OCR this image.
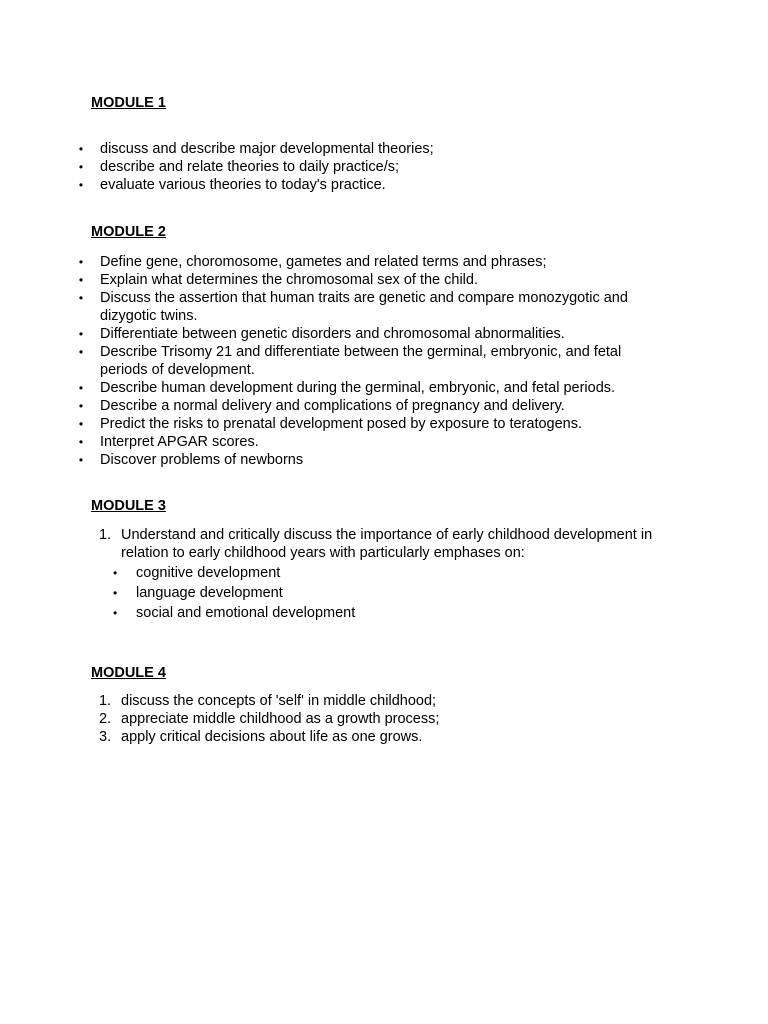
MODULE 1
• discuss and describe major developmental theories;
• describe and relate theories to daily practice/s;
• evaluate various theories to today's practice.
MODULE 2
• Define gene, choromosome, gametes and related terms and phrases;
• Explain what determines the chromosomal sex of the child.
• Discuss the assertion that human traits are genetic and compare monozygotic and dizygotic twins.
• Differentiate between genetic disorders and chromosomal abnormalities.
• Describe Trisomy 21 and differentiate between the germinal, embryonic, and fetal periods of development.
• Describe human development during the germinal, embryonic, and fetal periods.
• Describe a normal delivery and complications of pregnancy and delivery.
• Predict the risks to prenatal development posed by exposure to teratogens.
• Interpret APGAR scores.
• Discover problems of newborns
MODULE 3
1. Understand and critically discuss the importance of early childhood development in relation to early childhood years with particularly emphases on:
• cognitive development
• language development
• social and emotional development
MODULE 4
1. discuss the concepts of 'self' in middle childhood;
2. appreciate middle childhood as a growth process;
3. apply critical decisions about life as one grows.
